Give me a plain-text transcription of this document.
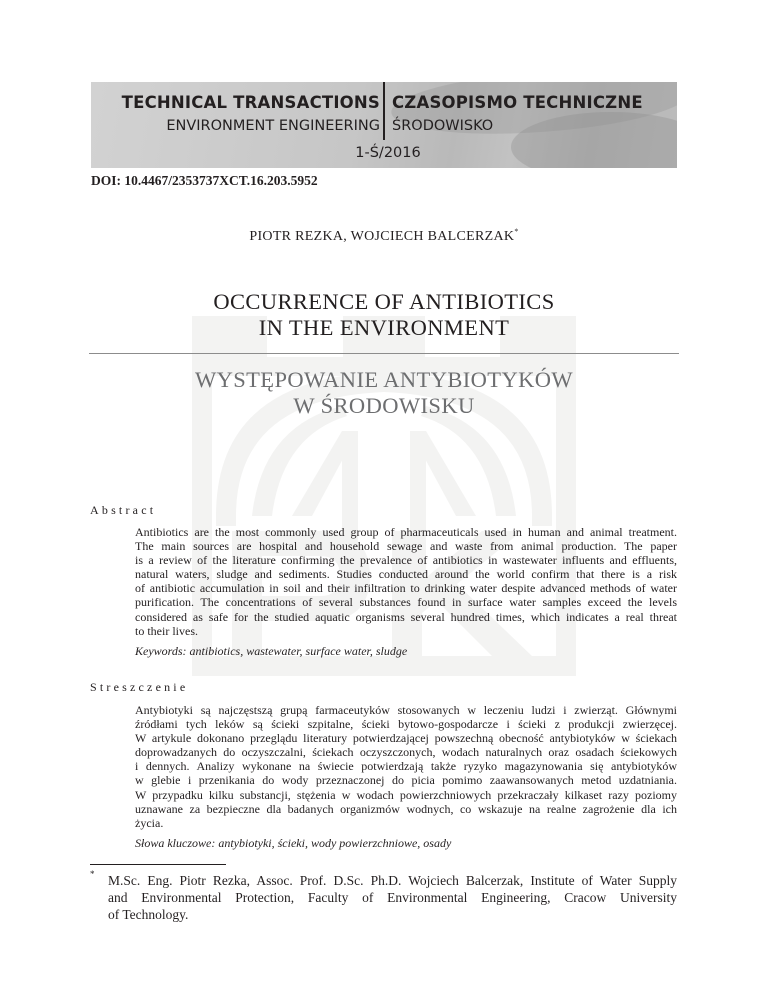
TECHNICAL TRANSACTIONS CZASOPISMO TECHNICZNE
ENVIRONMENT ENGINEERING ŚRODOWISKO
1-Ś/2016
DOI: 10.4467/2353737XCT.16.203.5952
PIOTR REZKA, WOJCIECH BALCERZAK*
OCCURRENCE OF ANTIBIOTICS
IN THE ENVIRONMENT
WYSTĘPOWANIE ANTYBIOTYKÓW
W ŚRODOWISKU
Abstract
Antibiotics are the most commonly used group of pharmaceuticals used in human and animal treatment.
The main sources are hospital and household sewage and waste from animal production. The paper
is a review of the literature confirming the prevalence of antibiotics in wastewater influents and effluents,
natural waters, sludge and sediments. Studies conducted around the world confirm that there is a risk
of antibiotic accumulation in soil and their infiltration to drinking water despite advanced methods of water
purification. The concentrations of several substances found in surface water samples exceed the levels
considered as safe for the studied aquatic organisms several hundred times, which indicates a real threat
to their lives.
Keywords: antibiotics, wastewater, surface water, sludge
Streszczenie
Antybiotyki są najczęstszą grupą farmaceutyków stosowanych w leczeniu ludzi i zwierząt. Głównymi
źródłami tych leków są ścieki szpitalne, ścieki bytowo-gospodarcze i ścieki z produkcji zwierzęcej.
W artykule dokonano przeglądu literatury potwierdzającej powszechną obecność antybiotyków w ściekach
doprowadzanych do oczyszczalni, ściekach oczyszczonych, wodach naturalnych oraz osadach ściekowych
i dennych. Analizy wykonane na świecie potwierdzają także ryzyko magazynowania się antybiotyków
w glebie i przenikania do wody przeznaczonej do picia pomimo zaawansowanych metod uzdatniania.
W przypadku kilku substancji, stężenia w wodach powierzchniowych przekraczały kilkaset razy poziomy
uznawane za bezpieczne dla badanych organizmów wodnych, co wskazuje na realne zagrożenie dla ich
życia.
Słowa kluczowe: antybiotyki, ścieki, wody powierzchniowe, osady
* M.Sc. Eng. Piotr Rezka, Assoc. Prof. D.Sc. Ph.D. Wojciech Balcerzak, Institute of Water Supply
and Environmental Protection, Faculty of Environmental Engineering, Cracow University
of Technology.
